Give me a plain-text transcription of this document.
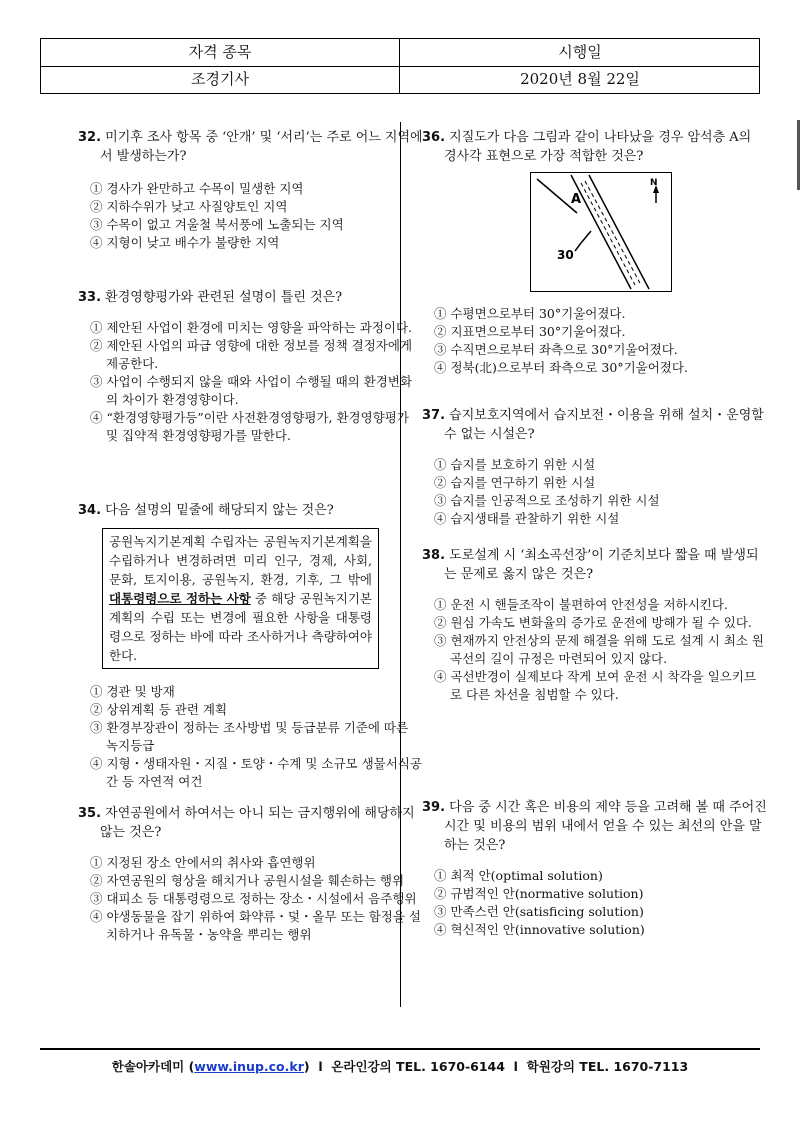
자격 종목	시행일
조경기사	2020년 8월 22일
32. 미기후 조사 항목 중 ‘안개’ 및 ‘서리’는 주로 어느 지역에서 발생하는가?
① 경사가 완만하고 수목이 밀생한 지역
② 지하수위가 낮고 사질양토인 지역
③ 수목이 없고 겨울철 북서풍에 노출되는 지역
④ 지형이 낮고 배수가 불량한 지역
33. 환경영향평가와 관련된 설명이 틀린 것은?
① 제안된 사업이 환경에 미치는 영향을 파악하는 과정이다.
② 제안된 사업의 파급 영향에 대한 정보를 정책 결정자에게 제공한다.
③ 사업이 수행되지 않을 때와 사업이 수행될 때의 환경변화의 차이가 환경영향이다.
④ “환경영향평가등”이란 사전환경영향평가, 환경영향평가 및 집약적 환경영향평가를 말한다.
34. 다음 설명의 밑줄에 해당되지 않는 것은?
공원녹지기본계획 수립자는 공원녹지기본계획을 수립하거나 변경하려면 미리 인구, 경제, 사회, 문화, 토지이용, 공원녹지, 환경, 기후, 그 밖에 대통령령으로 정하는 사항 중 해당 공원녹지기본계획의 수립 또는 변경에 필요한 사항을 대통령령으로 정하는 바에 따라 조사하거나 측량하여야 한다.
① 경관 및 방재
② 상위계획 등 관련 계획
③ 환경부장관이 정하는 조사방법 및 등급분류 기준에 따른 녹지등급
④ 지형・생태자원・지질・토양・수계 및 소규모 생물서식공간 등 자연적 여건
35. 자연공원에서 하여서는 아니 되는 금지행위에 해당하지 않는 것은?
① 지정된 장소 안에서의 취사와 흡연행위
② 자연공원의 형상을 해치거나 공원시설을 훼손하는 행위
③ 대피소 등 대통령령으로 정하는 장소・시설에서 음주행위
④ 야생동물을 잡기 위하여 화약류・덫・올무 또는 함정을 설치하거나 유독물・농약을 뿌리는 행위
36. 지질도가 다음 그림과 같이 나타났을 경우 암석층 A의 경사각 표현으로 가장 적합한 것은?
A
N
30
① 수평면으로부터 30°기울어졌다.
② 지표면으로부터 30°기울어졌다.
③ 수직면으로부터 좌측으로 30°기울어졌다.
④ 정북(北)으로부터 좌측으로 30°기울어졌다.
37. 습지보호지역에서 습지보전・이용을 위해 설치・운영할 수 없는 시설은?
① 습지를 보호하기 위한 시설
② 습지를 연구하기 위한 시설
③ 습지를 인공적으로 조성하기 위한 시설
④ 습지생태를 관찰하기 위한 시설
38. 도로설계 시 ‘최소곡선장’이 기준치보다 짧을 때 발생되는 문제로 옳지 않은 것은?
① 운전 시 핸들조작이 불편하여 안전성을 저하시킨다.
② 원심 가속도 변화율의 증가로 운전에 방해가 될 수 있다.
③ 현재까지 안전상의 문제 해결을 위해 도로 설계 시 최소 원곡선의 길이 규정은 마련되어 있지 않다.
④ 곡선반경이 실제보다 작게 보여 운전 시 착각을 일으키므로 다른 차선을 침범할 수 있다.
39. 다음 중 시간 혹은 비용의 제약 등을 고려해 볼 때 주어진 시간 및 비용의 범위 내에서 얻을 수 있는 최선의 안을 말하는 것은?
① 최적 안(optimal solution)
② 규범적인 안(normative solution)
③ 만족스런 안(satisficing solution)
④ 혁신적인 안(innovative solution)
한솔아카데미 (www.inup.co.kr)  l  온라인강의 TEL. 1670-6144  l  학원강의 TEL. 1670-7113
